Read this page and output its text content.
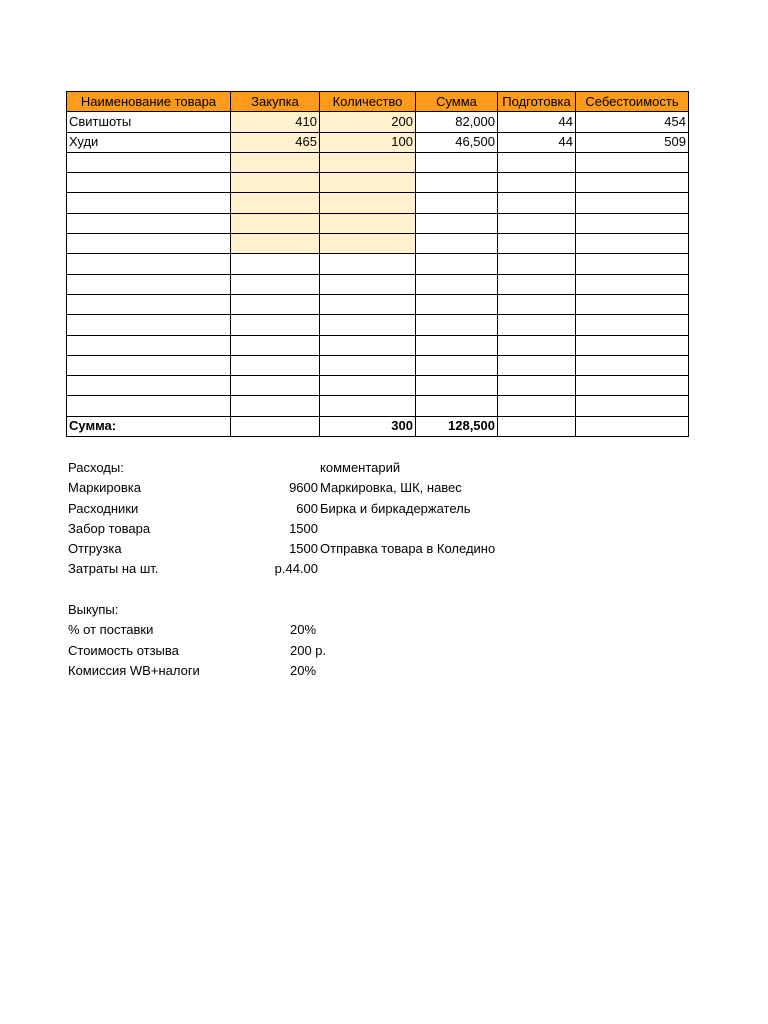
Наименование товара	Закупка	Количество	Сумма	Подготовка	Себестоимость
Свитшоты	410	200	82,000	44	454
Худи	465	100	46,500	44	509

Сумма:		300	128,500		
Расходы:	комментарий
Маркировка	9600 Маркировка, ШК, навес
Расходники	600 Бирка и биркадержатель
Забор товара	1500
Отгрузка	1500 Отправка товара в Коледино
Затраты на шт.	р.44.00
Выкупы:
% от поставки	20%
Стоимость отзыва	200 р.
Комиссия WB+налоги	20%
